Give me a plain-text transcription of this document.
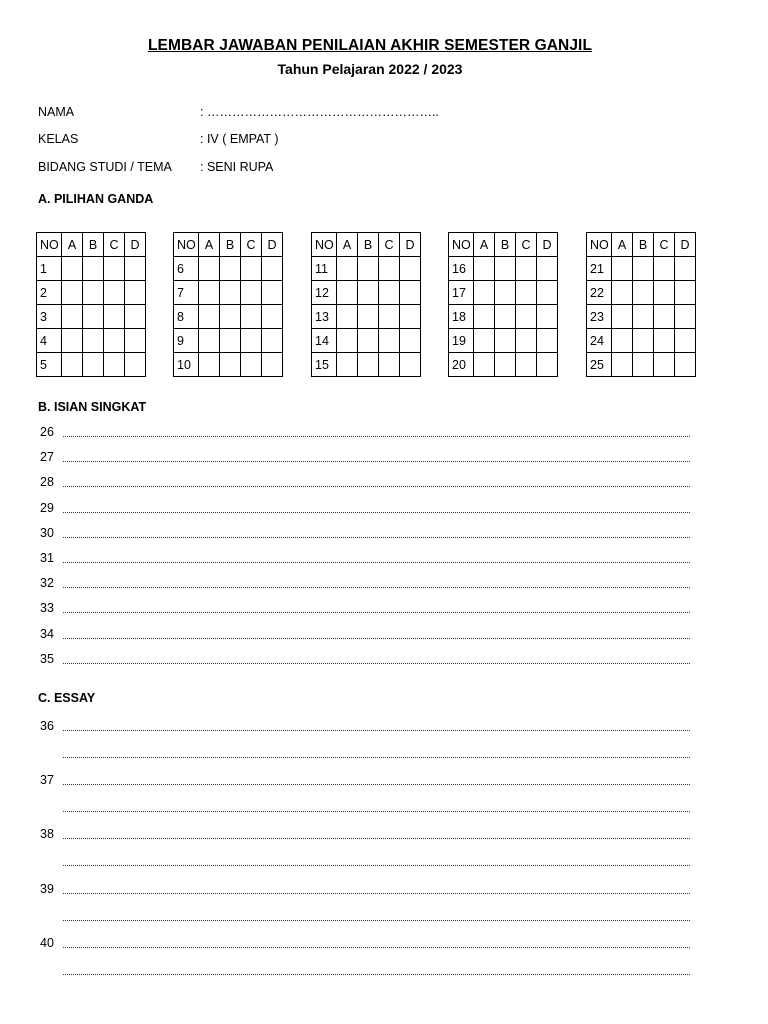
LEMBAR JAWABAN PENILAIAN AKHIR SEMESTER GANJIL
Tahun Pelajaran 2022 / 2023
NAMA	: ………………………………………………..
KELAS	: IV ( EMPAT )
BIDANG STUDI / TEMA : SENI RUPA
A. PILIHAN GANDA
NO	A	B	C	D
1				
2				
3				
4				
5				
NO	A	B	C	D
6				
7				
8				
9				
10				
NO	A	B	C	D
11				
12				
13				
14				
15				
NO	A	B	C	D
16				
17				
18				
19				
20				
NO	A	B	C	D
21				
22				
23				
24				
25				
B. ISIAN SINGKAT
26
27
28
29
30
31
32
33
34
35
C. ESSAY
36
37
38
39
40
